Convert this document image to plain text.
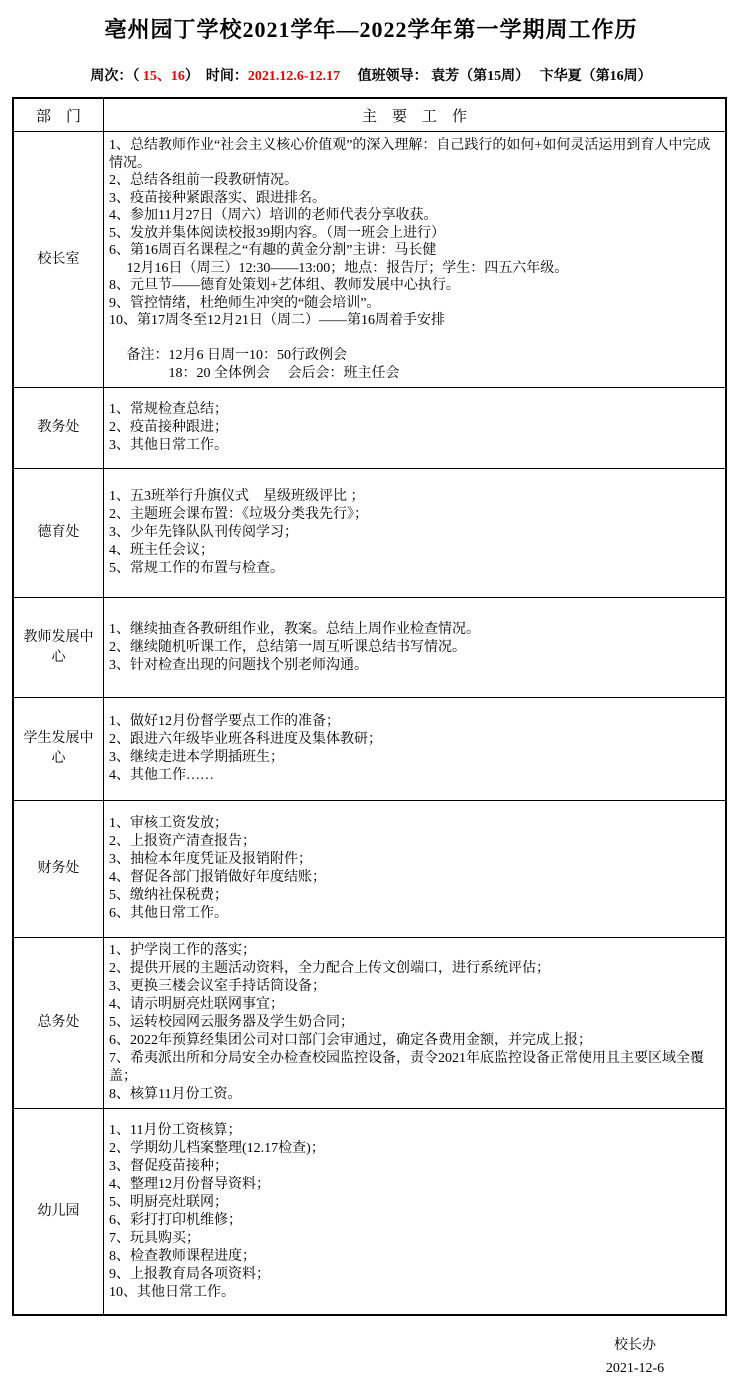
亳州园丁学校2021学年—2022学年第一学期周工作历
周次：（ 15、16）　时间：2021.12.6-12.17　 值班领导： 袁芳（第15周）　 卞华夏（第16周）
部　门	主　要　工　作
校长室	
1、总结教师作业“社会主义核心价值观”的深入理解：自己践行的如何+如何灵活运用到育人中完成情况。
2、总结各组前一段教研情况。
3、疫苗接种紧跟落实、跟进排名。
4、参加11月27日（周六）培训的老师代表分享收获。
5、发放并集体阅读校报39期内容。（周一班会上进行）
6、第16周百名课程之“有趣的黄金分割”主讲：马长健
　 12月16日（周三）12:30——13:00；地点：报告厅；学生：四五六年级。
8、元旦节——德育处策划+艺体组、教师发展中心执行。
9、管控情绪，杜绝师生冲突的“随会培训”。
10、第17周冬至12月21日（周二）——第16周着手安排
　 备注：12月6 日周一10：50行政例会
　　　　 18：20 全体例会　 会后会：班主任会

教务处	1、常规检查总结；
2、疫苗接种跟进；
3、其他日常工作。

德育处	1、五3班举行升旗仪式　星级班级评比 ；
2、主题班会课布置：《垃圾分类我先行》；
3、少年先锋队队刊传阅学习；
4、班主任会议；
5、常规工作的布置与检查。

教师发展中心	1、继续抽查各教研组作业，教案。总结上周作业检查情况。
2、继续随机听课工作，总结第一周互听课总结书写情况。
3、针对检查出现的问题找个别老师沟通。

学生发展中心	1、做好12月份督学要点工作的准备；
2、跟进六年级毕业班各科进度及集体教研；
3、继续走进本学期插班生；
4、其他工作……

财务处	
1、审核工资发放；
2、上报资产清查报告；
3、抽检本年度凭证及报销附件；
4、督促各部门报销做好年度结账；
5、缴纳社保税费；
6、其他日常工作。

总务处	
1、护学岗工作的落实；
2、提供开展的主题活动资料，全力配合上传文创端口，进行系统评估；
3、更换三楼会议室手持话筒设备；
4、请示明厨亮灶联网事宜；
5、运转校园网云服务器及学生奶合同；
6、2022年预算经集团公司对口部门会审通过，确定各费用金额，并完成上报；
7、希夷派出所和分局安全办检查校园监控设备，责令2021年底监控设备正常使用且主要区域全覆盖；
8、核算11月份工资。

幼儿园	
1、11月份工资核算；
2、学期幼儿档案整理(12.17检查)；
3、督促疫苗接种；
4、整理12月份督导资料；
5、明厨亮灶联网；
6、彩打打印机维修；
7、玩具购买；
8、检查教师课程进度；
9、上报教育局各项资料；
10、其他日常工作。
校长办
2021-12-6
